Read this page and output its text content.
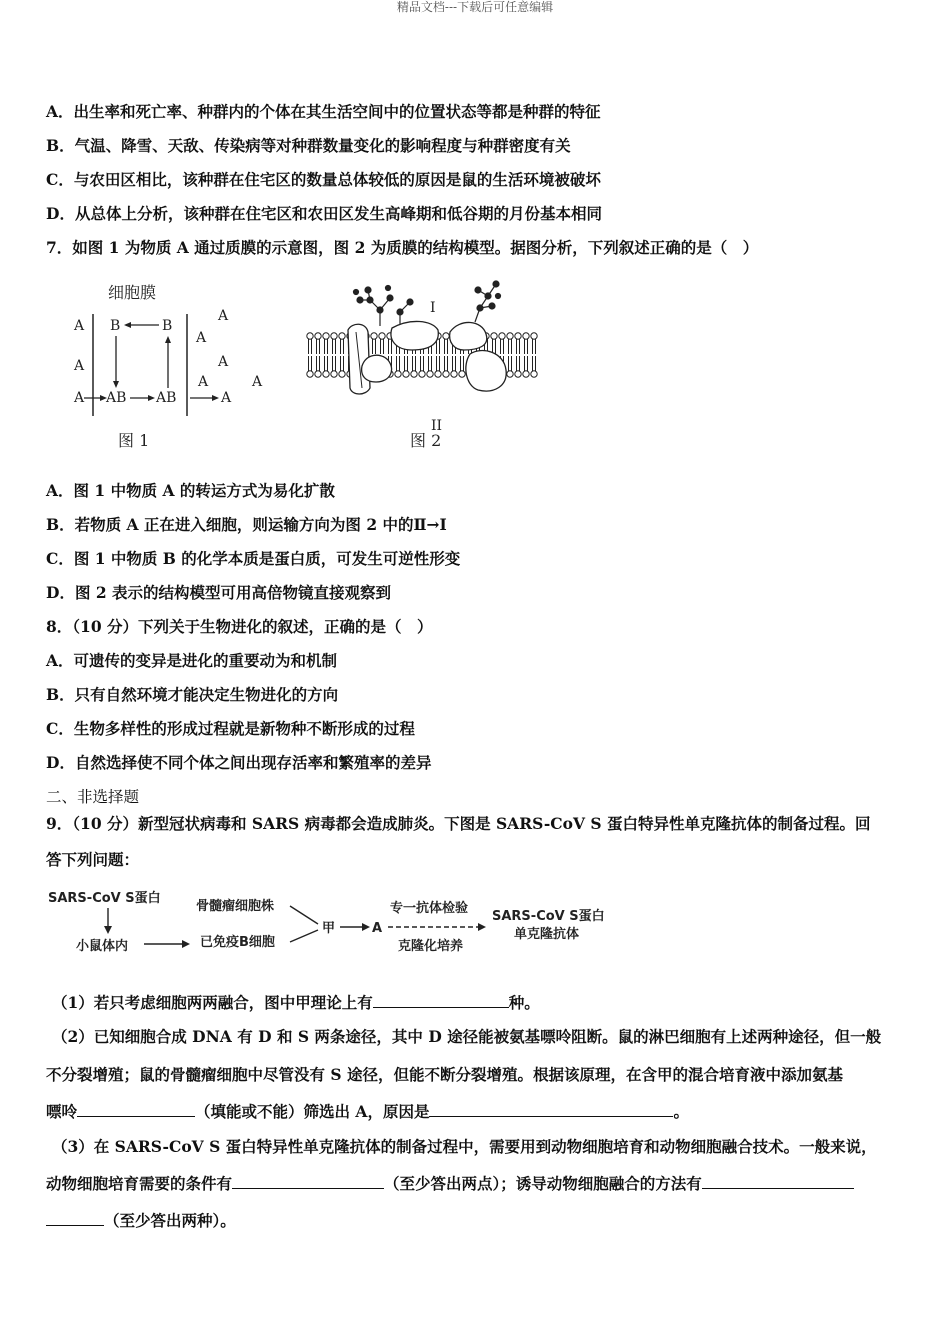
精品文档---下载后可任意编辑
A．出生率和死亡率、种群内的个体在其生活空间中的位置状态等都是种群的特征
B．气温、降雪、天敌、传染病等对种群数量变化的影响程度与种群密度有关
C．与农田区相比，该种群在住宅区的数量总体较低的原因是鼠的生活环境被破坏
D．从总体上分析，该种群在住宅区和农田区发生高峰期和低谷期的月份基本相同
7．如图 1 为物质 A 通过质膜的示意图，图 2 为质膜的结构模型。据图分析，下列叙述正确的是（　）
细胞膜
A
A
A
B	B
AB AB
A
A
A
A	A
A
图 1
I
II
图 2
A．图 1 中物质 A 的转运方式为易化扩散
B．若物质 A 正在进入细胞，则运输方向为图 2 中的Ⅱ→Ⅰ
C．图 1 中物质 B 的化学本质是蛋白质，可发生可逆性形变
D．图 2 表示的结构模型可用高倍物镜直接观察到
8．（10 分）下列关于生物进化的叙述，正确的是（　）
A．可遗传的变异是进化的重要动为和机制
B．只有自然环境才能决定生物进化的方向
C．生物多样性的形成过程就是新物种不断形成的过程
D．自然选择使不同个体之间出现存活率和繁殖率的差异
二、非选择题
9．（10 分）新型冠状病毒和 SARS 病毒都会造成肺炎。下图是 SARS-CoV S 蛋白特异性单克隆抗体的制备过程。回
答下列问题：
SARS-CoV S蛋白
小鼠体内
骨髓瘤细胞株
已免疫B细胞
甲	A
专一抗体检验
克隆化培养
SARS-CoV S蛋白
单克隆抗体
（1）若只考虑细胞两两融合，图中甲理论上有	种。
（2）已知细胞合成 DNA 有 D 和 S 两条途径，其中 D 途径能被氨基嘌呤阻断。鼠的淋巴细胞有上述两种途径，但一般
不分裂增殖；鼠的骨髓瘤细胞中尽管没有 S 途径，但能不断分裂增殖。根据该原理，在含甲的混合培育液中添加氨基
嘌呤	（填能或不能）筛选出 A，原因是	。
（3）在 SARS-CoV S 蛋白特异性单克隆抗体的制备过程中，需要用到动物细胞培育和动物细胞融合技术。一般来说，
动物细胞培育需要的条件有	（至少答出两点）；诱导动物细胞融合的方法有
（至少答出两种）。
